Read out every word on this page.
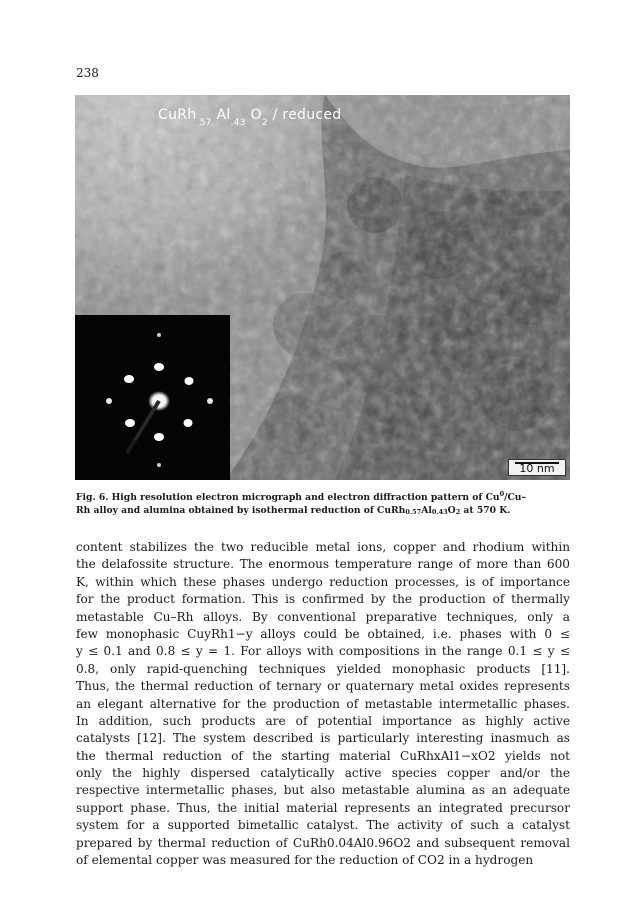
238
CuRh$_{.57}$ $Al_{.43}$ $O_2$ / reduced
10 nm
Fig. 6. High resolution electron micrograph and electron diffraction pattern of Cu$^0$/Cu–
Rh alloy and alumina obtained by isothermal reduction of $CuRh_{0.57}Al_{0.43}O_2$ at 570 K.
content stabilizes the two reducible metal ions, copper and rhodium within
the delafossite structure. The enormous temperature range of more than 600
K, within which these phases undergo reduction processes, is of importance
for the product formation. This is confirmed by the production of thermally
metastable Cu–Rh alloys. By conventional preparative techniques, only a
few monophasic CuyRh1−y alloys could be obtained, i.e. phases with 0 ≤
y ≤ 0.1 and 0.8 ≤ y = 1. For alloys with compositions in the range 0.1 ≤ y ≤
0.8, only rapid-quenching techniques yielded monophasic products [11].
Thus, the thermal reduction of ternary or quaternary metal oxides represents
an elegant alternative for the production of metastable intermetallic phases.
In addition, such products are of potential importance as highly active
catalysts [12]. The system described is particularly interesting inasmuch as
the thermal reduction of the starting material CuRhxAl1−xO2 yields not
only the highly dispersed catalytically active species copper and/or the
respective intermetallic phases, but also metastable alumina as an adequate
support phase. Thus, the initial material represents an integrated precursor
system for a supported bimetallic catalyst. The activity of such a catalyst
prepared by thermal reduction of CuRh0.04Al0.96O2 and subsequent removal
of elemental copper was measured for the reduction of CO2 in a hydrogen
